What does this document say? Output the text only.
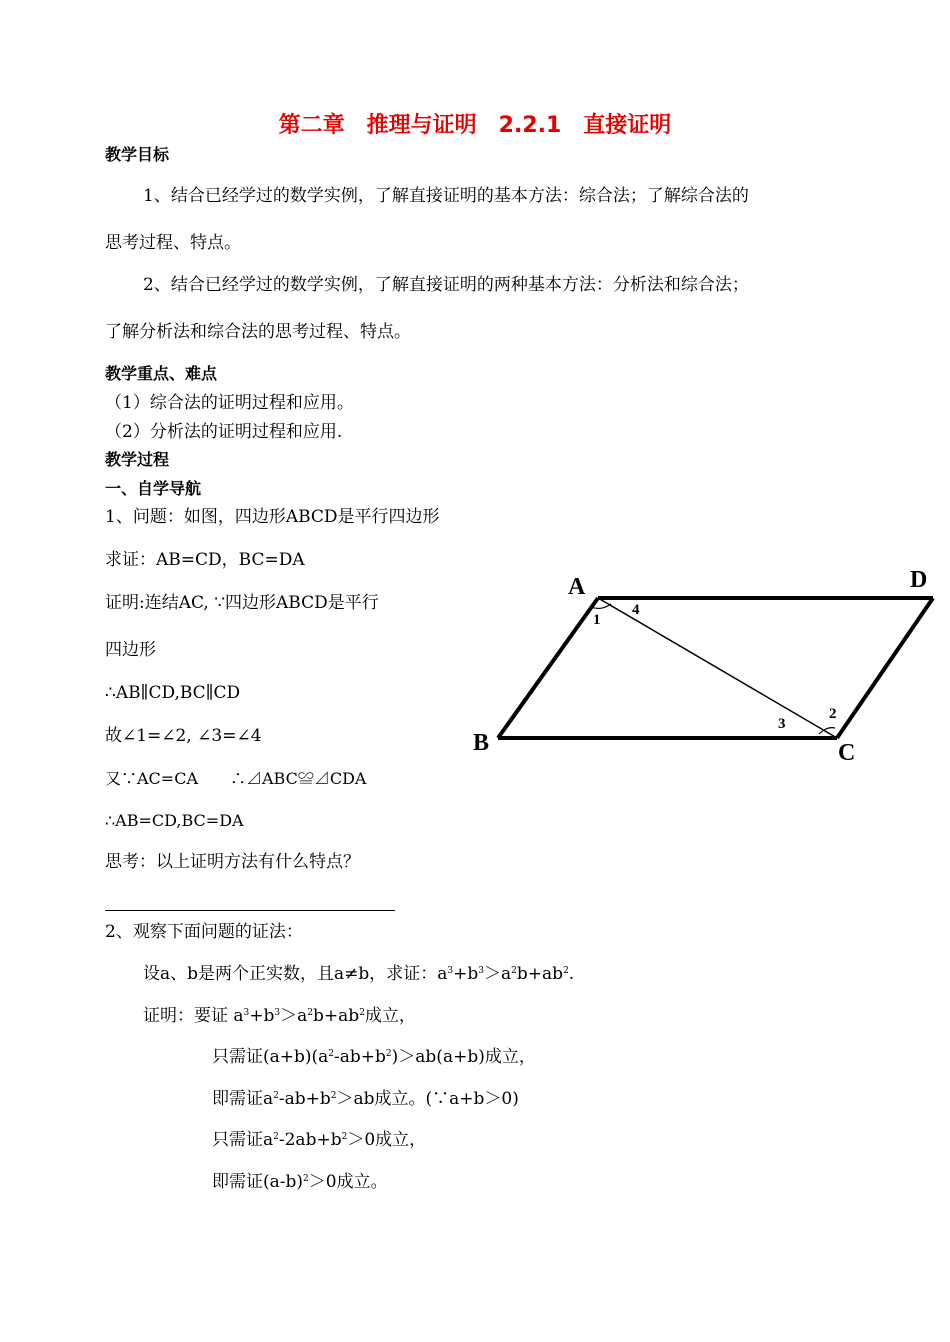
第二章　推理与证明　2.2.1　直接证明
教学目标
1、结合已经学过的数学实例，了解直接证明的基本方法：综合法；了解综合法的
思考过程、特点。
2、结合已经学过的数学实例，了解直接证明的两种基本方法：分析法和综合法；
了解分析法和综合法的思考过程、特点。
教学重点、难点
（1）综合法的证明过程和应用。
（2）分析法的证明过程和应用.
教学过程
一、自学导航
1、问题：如图，四边形ABCD是平行四边形
求证：AB=CD，BC=DA
证明:连结AC, ∵四边形ABCD是平行
四边形
∴AB∥CD,BC∥CD
故∠1=∠2, ∠3=∠4
又∵AC=CA　　∴⊿ABC≌⊿CDA
∴AB=CD,BC=DA
思考：以上证明方法有什么特点？
2、观察下面问题的证法：
设a、b是两个正实数，且a≠b，求证：$a^3+b^3>a^2b+ab^2$.
证明：要证 $a^3+b^3>a^2b+ab^2$成立，
只需证$(a+b)(a^2-ab+b^2)>ab(a+b)$成立，
即需证$a^2-ab+b^2>ab$成立。(∵a+b＞0)
只需证$a^2-2ab+b^2>0$成立，
即需证$(a-b)^2>0$成立。
A	D
B	C
1
4
3
2
